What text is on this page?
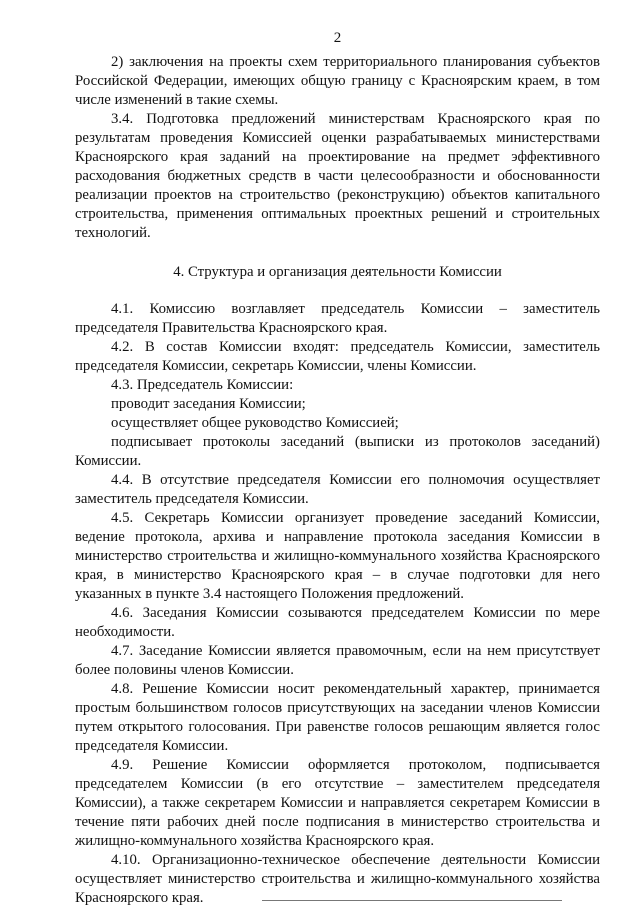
2

2) заключения на проекты схем территориального планирования субъектов Российской Федерации, имеющих общую границу с Красноярским краем, в том числе изменений в такие схемы.

3.4. Подготовка предложений министерствам Красноярского края по результатам проведения Комиссией оценки разрабатываемых министерствами Красноярского края заданий на проектирование на предмет эффективного расходования бюджетных средств в части целесообразности и обоснованности реализации проектов на строительство (реконструкцию) объектов капитального строительства, применения оптимальных проектных решений и строительных технологий.

4. Структура и организация деятельности Комиссии

4.1. Комиссию возглавляет председатель Комиссии – заместитель председателя Правительства Красноярского края.

4.2. В состав Комиссии входят: председатель Комиссии, заместитель председателя Комиссии, секретарь Комиссии, члены Комиссии.

4.3. Председатель Комиссии:

проводит заседания Комиссии;

осуществляет общее руководство Комиссией;

подписывает протоколы заседаний (выписки из протоколов заседаний) Комиссии.

4.4. В отсутствие председателя Комиссии его полномочия осуществляет заместитель председателя Комиссии.

4.5. Секретарь Комиссии организует проведение заседаний Комиссии, ведение протокола, архива и направление протокола заседания Комиссии в министерство строительства и жилищно-коммунального хозяйства Красноярского края, в министерство Красноярского края – в случае подготовки для него указанных в пункте 3.4 настоящего Положения предложений.

4.6. Заседания Комиссии созываются председателем Комиссии по мере необходимости.

4.7. Заседание Комиссии является правомочным, если на нем присутствует более половины членов Комиссии.

4.8. Решение Комиссии носит рекомендательный характер, принимается простым большинством голосов присутствующих на заседании членов Комиссии путем открытого голосования. При равенстве голосов решающим является голос председателя Комиссии.

4.9. Решение Комиссии оформляется протоколом, подписывается председателем Комиссии (в его отсутствие – заместителем председателя Комиссии), а также секретарем Комиссии и направляется секретарем Комиссии в течение пяти рабочих дней после подписания в министерство строительства и жилищно-коммунального хозяйства Красноярского края.

4.10. Организационно-техническое обеспечение деятельности Комиссии осуществляет министерство строительства и жилищно-коммунального хозяйства Красноярского края.
